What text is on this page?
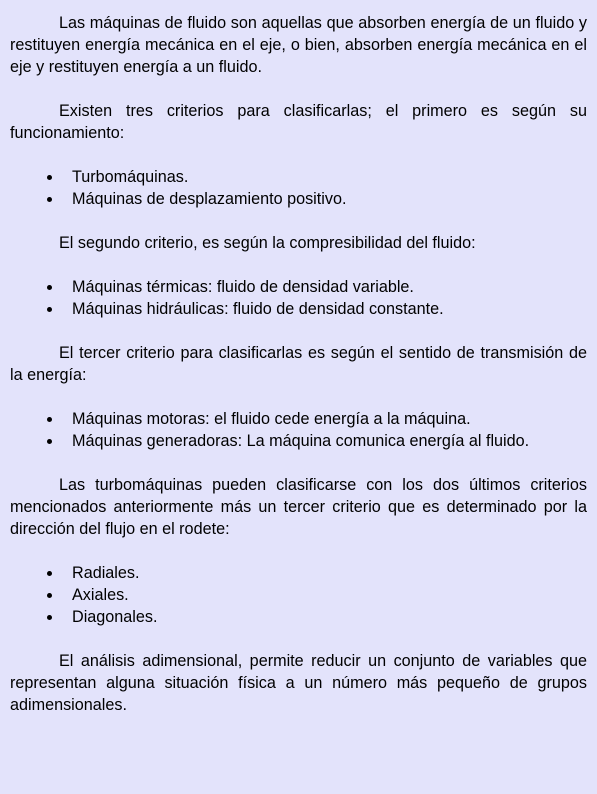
Las máquinas de fluido son aquellas que absorben energía de un fluido y restituyen energía mecánica en el eje, o bien, absorben energía mecánica en el eje y restituyen energía a un fluido.

Existen tres criterios para clasificarlas; el primero es según su funcionamiento:

Turbomáquinas.
Máquinas de desplazamiento positivo.

El segundo criterio, es según la compresibilidad del fluido:

Máquinas térmicas: fluido de densidad variable.
Máquinas hidráulicas: fluido de densidad constante.

El tercer criterio para clasificarlas es según el sentido de transmisión de la energía:

Máquinas motoras: el fluido cede energía a la máquina.
Máquinas generadoras: La máquina comunica energía al fluido.

Las turbomáquinas pueden clasificarse con los dos últimos criterios mencionados anteriormente más un tercer criterio que es determinado por la dirección del flujo en el rodete:

Radiales.
Axiales.
Diagonales.

El análisis adimensional, permite reducir un conjunto de variables que representan alguna situación física a un número más pequeño de grupos adimensionales.
